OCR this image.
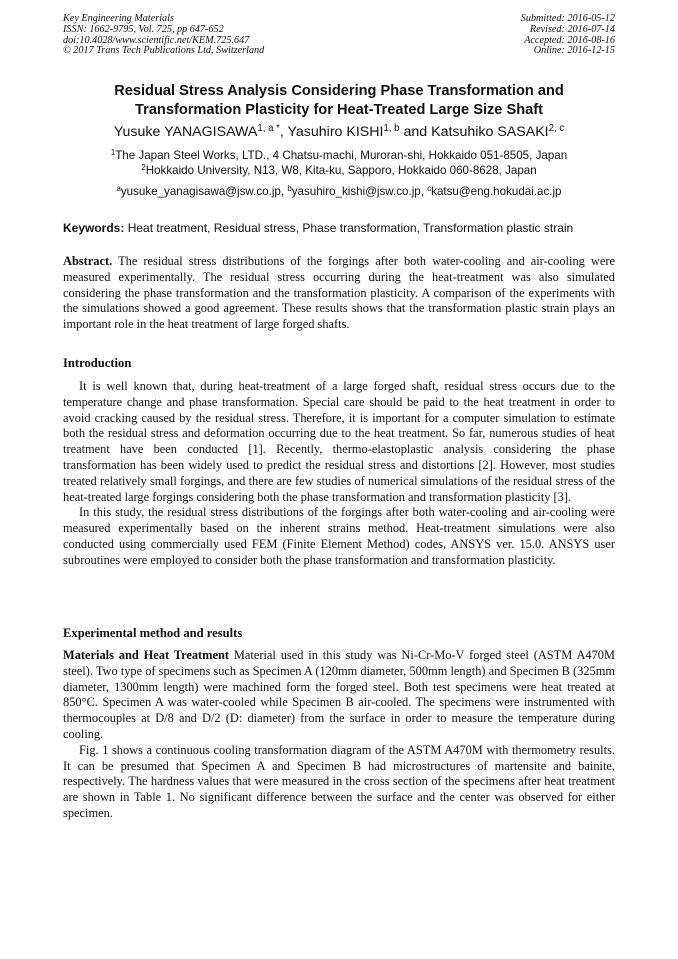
Key Engineering Materials
ISSN: 1662-9795, Vol. 725, pp 647-652
doi:10.4028/www.scientific.net/KEM.725.647
© 2017 Trans Tech Publications Ltd, Switzerland
Submitted: 2016-05-12
Revised: 2016-07-14
Accepted: 2016-08-16
Online: 2016-12-15
Residual Stress Analysis Considering Phase Transformation and
Transformation Plasticity for Heat-Treated Large Size Shaft
Yusuke $YANAGISAWA^{1, a *}$, Yasuhiro KISHI$^{1, b}$ and Katsuhiko SASAKI$^{2, c}$
$^1$The Japan Steel Works, LTD., 4 Chatsu-machi, Muroran-shi, Hokkaido 051-8505, Japan
$^2$Hokkaido University, N13, W8, Kita-ku, Sapporo, Hokkaido 060-8628, Japan
$^a$yusuke_yanagisawa@jsw.co.jp, $^b$yasuhiro_kishi@jsw.co.jp, $^c$katsu@eng.hokudai.ac.jp
Keywords: Heat treatment, Residual stress, Phase transformation, Transformation plastic strain

Abstract. The residual stress distributions of the forgings after both water-cooling and air-cooling were measured experimentally. The residual stress occurring during the heat-treatment was also simulated considering the phase transformation and the transformation plasticity. A comparison of the experiments with the simulations showed a good agreement. These results shows that the transformation plastic strain plays an important role in the heat treatment of large forged shafts.

Introduction

It is well known that, during heat-treatment of a large forged shaft, residual stress occurs due to the temperature change and phase transformation. Special care should be paid to the heat treatment in order to avoid cracking caused by the residual stress. Therefore, it is important for a computer simulation to estimate both the residual stress and deformation occurring due to the heat treatment. So far, numerous studies of heat treatment have been conducted [1]. Recently, thermo-elastoplastic analysis considering the phase transformation has been widely used to predict the residual stress and distortions [2]. However, most studies treated relatively small forgings, and there are few studies of numerical simulations of the residual stress of the heat-treated large forgings considering both the phase transformation and transformation plasticity [3].

In this study, the residual stress distributions of the forgings after both water-cooling and air-cooling were measured experimentally based on the inherent strains method. Heat-treatment simulations were also conducted using commercially used FEM (Finite Element Method) codes, ANSYS ver. 15.0. ANSYS user subroutines were employed to consider both the phase transformation and transformation plasticity.

Experimental method and results

Materials and Heat Treatment Material used in this study was Ni-Cr-Mo-V forged steel (ASTM A470M steel). Two type of specimens such as Specimen A (120mm diameter, 500mm length) and Specimen B (325mm diameter, 1300mm length) were machined form the forged steel. Both test specimens were heat treated at 850°C. Specimen A was water-cooled while Specimen B air-cooled. The specimens were instrumented with thermocouples at D/8 and D/2 (D: diameter) from the surface in order to measure the temperature during cooling.

Fig. 1 shows a continuous cooling transformation diagram of the ASTM A470M with thermometry results. It can be presumed that Specimen A and Specimen B had microstructures of martensite and bainite, respectively. The hardness values that were measured in the cross section of the specimens after heat treatment are shown in Table 1. No significant difference between the surface and the center was observed for either specimen.
